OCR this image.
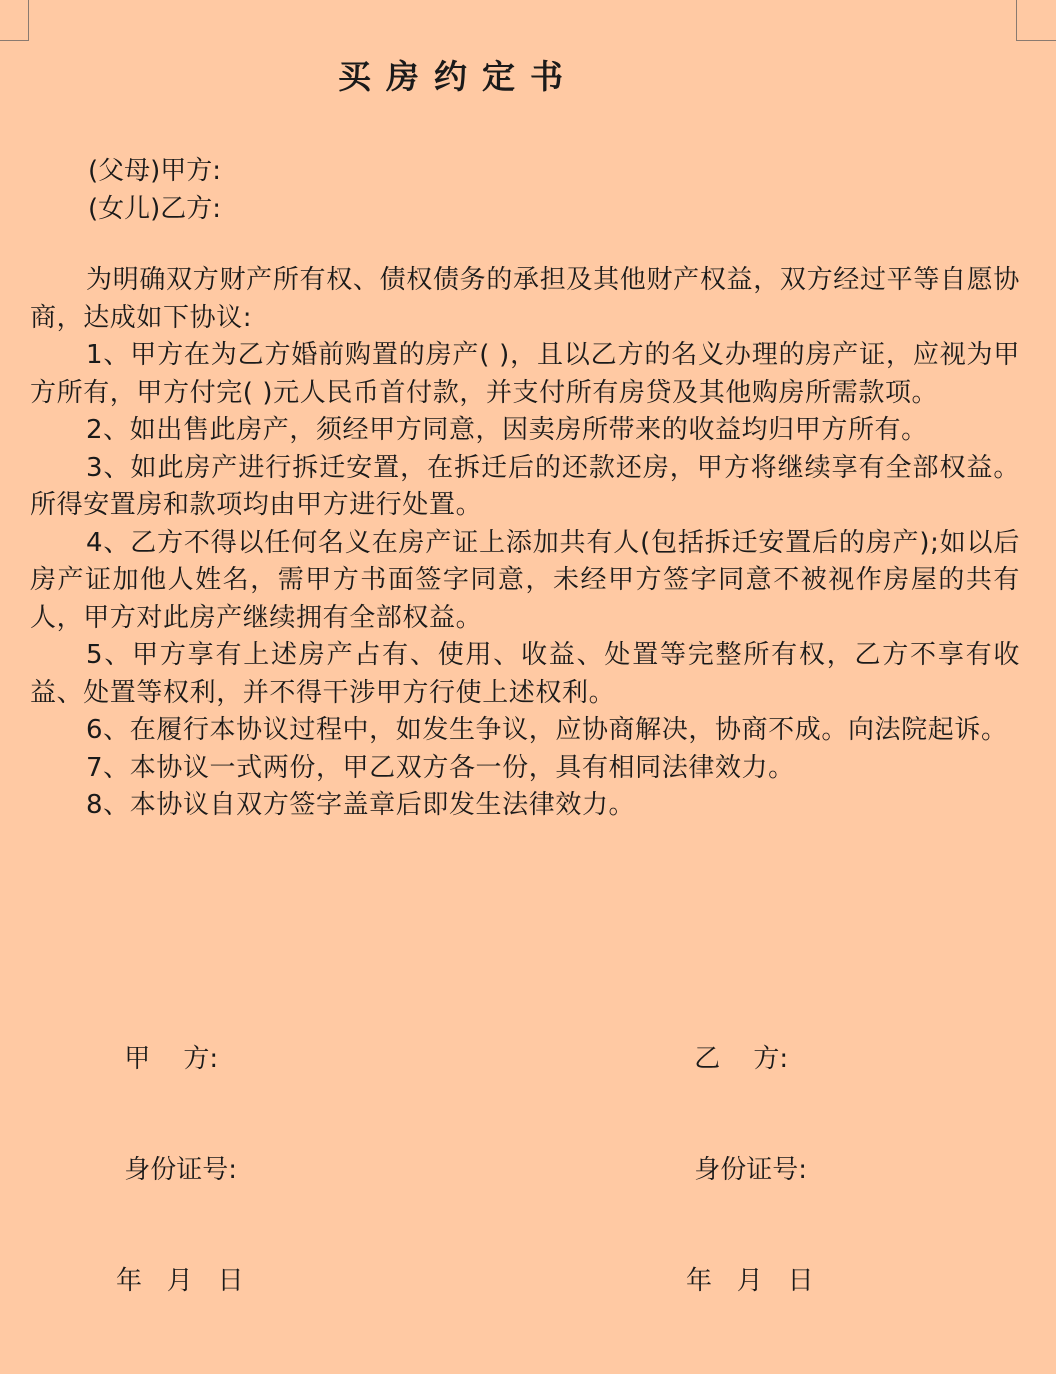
买房约定书
(父母)甲方:
(女儿)乙方:

为明确双方财产所有权、债权债务的承担及其他财产权益，双方经过平等自愿协商，达成如下协议:

1、甲方在为乙方婚前购置的房产( )，且以乙方的名义办理的房产证，应视为甲方所有，甲方付完( )元人民币首付款，并支付所有房贷及其他购房所需款项。

2、如出售此房产，须经甲方同意，因卖房所带来的收益均归甲方所有。

3、如此房产进行拆迁安置，在拆迁后的还款还房，甲方将继续享有全部权益。所得安置房和款项均由甲方进行处置。

4、乙方不得以任何名义在房产证上添加共有人(包括拆迁安置后的房产);如以后房产证加他人姓名，需甲方书面签字同意，未经甲方签字同意不被视作房屋的共有人，甲方对此房产继续拥有全部权益。

5、甲方享有上述房产占有、使用、收益、处置等完整所有权，乙方不享有收益、处置等权利，并不得干涉甲方行使上述权利。

6、在履行本协议过程中，如发生争议，应协商解决，协商不成。向法院起诉。

7、本协议一式两份，甲乙双方各一份，具有相同法律效力。

8、本协议自双方签字盖章后即发生法律效力。

甲    方:

身份证号:

年   月   日

乙    方:

身份证号:

年   月   日
